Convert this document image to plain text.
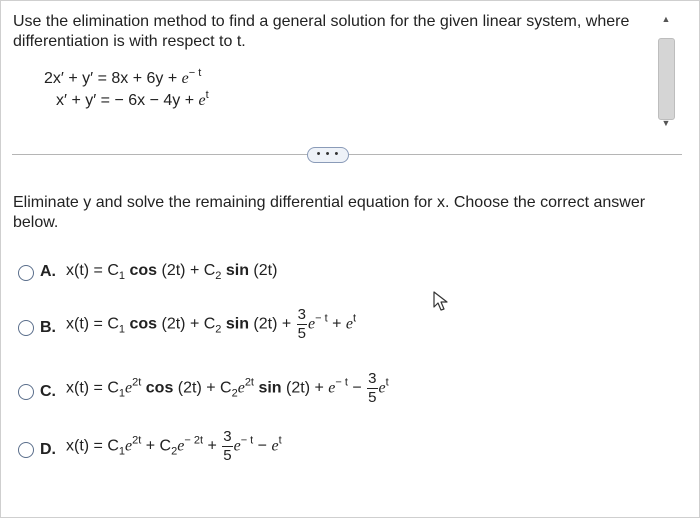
Use the elimination method to find a general solution for the given linear system, where differentiation is with respect to t.
$2x' + y' = 8x + 6y + e^{- t}$
x′ + y′ = − $6x - 4y + e^t$
▲
▼
• • •
Eliminate y and solve the remaining differential equation for x. Choose the correct answer below.
A. $x(t) = C_1$ $\cos (2t) + C_2$ sin (2t)
B. $x(t) = C_1$ $\cos (2t) + C_2$ $\sin (2t) + \frac{3}{5} e^{- t} + e^t$
C. $x(t) = C_1e^{2t}$ $\cos (2t) + C_2e^{2t}$ $\sin (2t) + e^{- t} - \frac{3}{5} e^t$
D. $x(t) = C_1e^{2t} + C_2e^{- 2t} + \frac{3}{5} e^{- t} - e^t$
